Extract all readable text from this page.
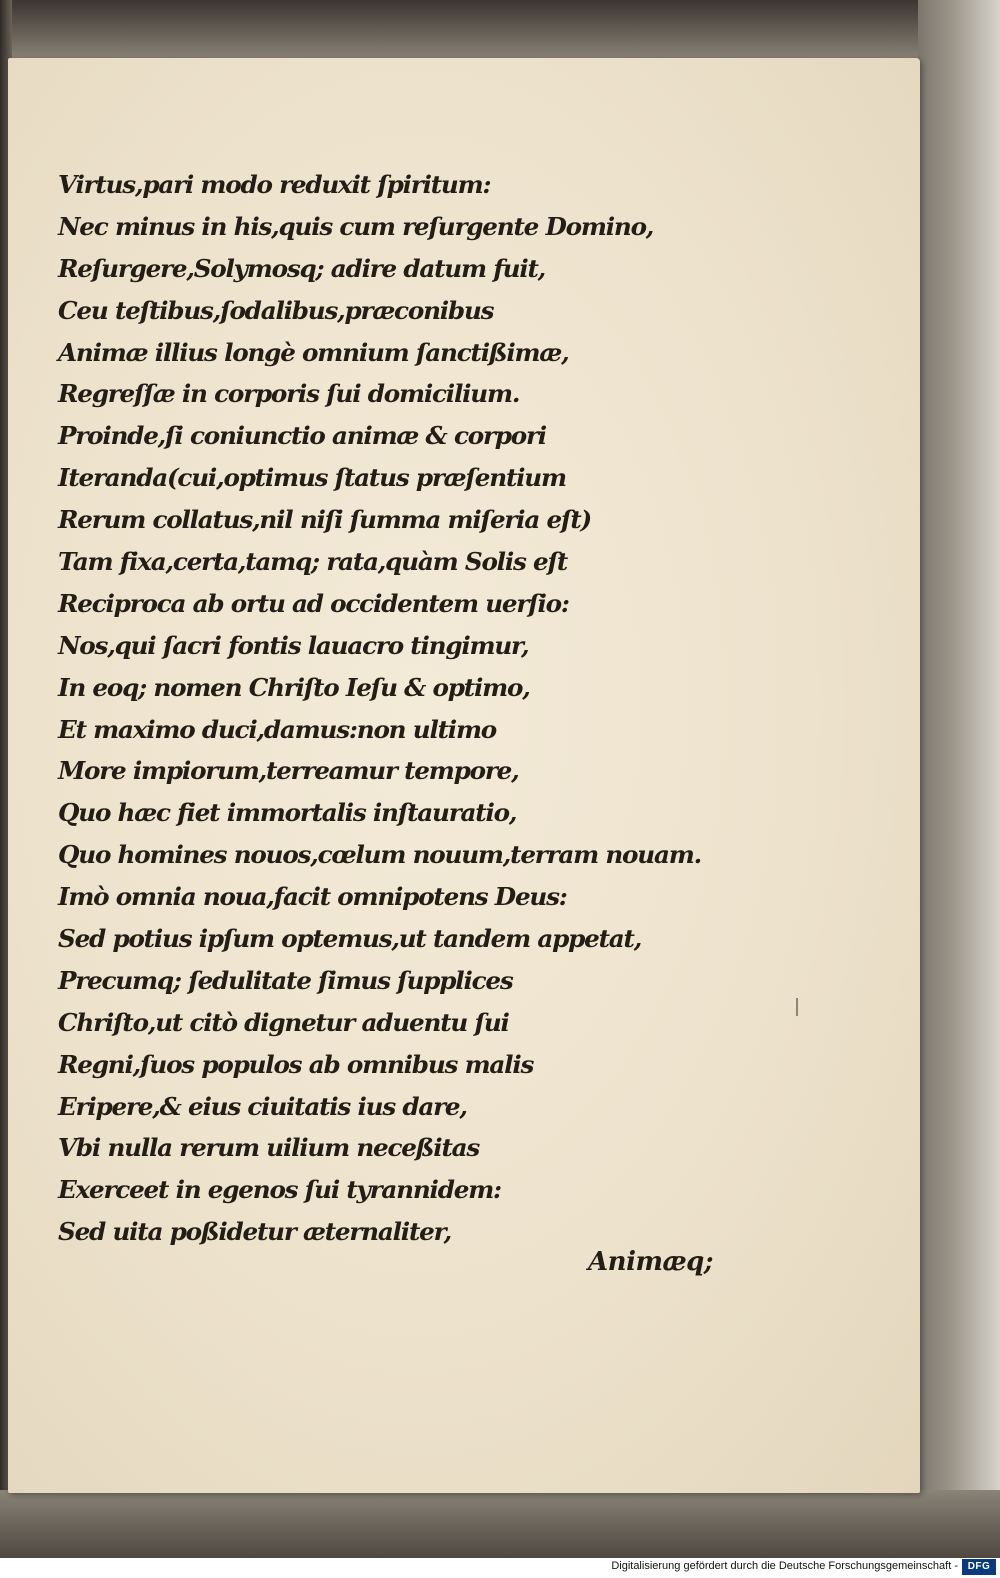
Virtus,pari modo reduxit ſpiritum:
Nec minus in his,quis cum reſurgente Domino,
Reſurgere,Solymosq; adire datum fuit,
Ceu teſtibus,ſodalibus,præconibus
Animæ illius longè omnium ſanctißimæ,
Regreſſæ in corporis ſui domicilium.
Proinde,ſi coniunctio animæ & corpori
Iteranda(cui,optimus ſtatus præſentium
Rerum collatus,nil niſi ſumma miſeria eſt)
Tam fixa,certa,tamq; rata,quàm Solis eſt
Reciproca ab ortu ad occidentem uerſio:
Nos,qui ſacri fontis lauacro tingimur,
In eoq; nomen Chriſto Ieſu & optimo,
Et maximo duci,damus:non ultimo
More impiorum,terreamur tempore,
Quo hæc fiet immortalis inſtauratio,
Quo homines nouos,cœlum nouum,terram nouam.
Imò omnia noua,facit omnipotens Deus:
Sed potius ipſum optemus,ut tandem appetat,
Precumq; ſedulitate ſimus ſupplices
Chriſto,ut citò dignetur aduentu ſui
Regni,ſuos populos ab omnibus malis
Eripere,& eius ciuitatis ius dare,
Vbi nulla rerum uilium neceßitas
Exerceet in egenos ſui tyrannidem:
Sed uita poßidetur æternaliter,
Animæq;
Digitalisierung gefördert durch die Deutsche Forschungsgemeinschaft - DFG
